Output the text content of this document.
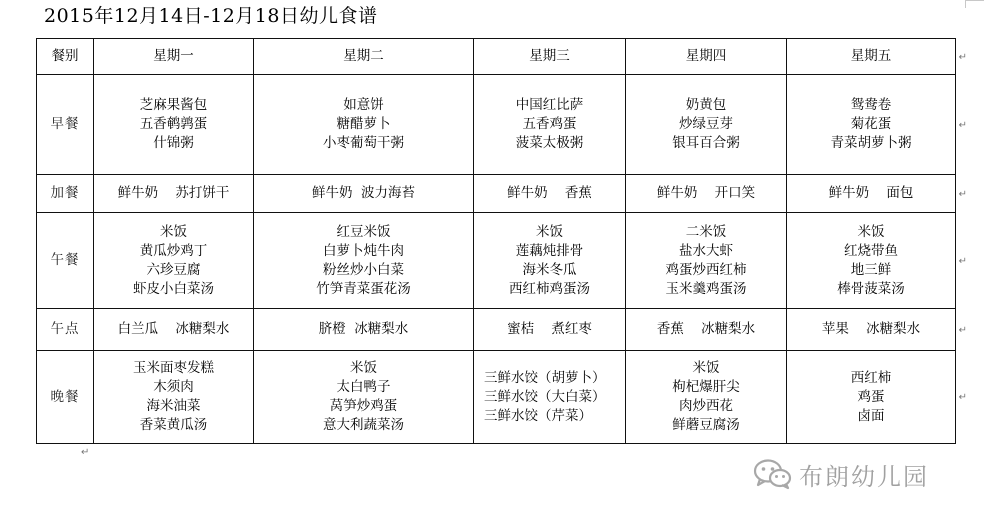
2015年12月14日-12月18日幼儿食谱
餐别	星期一	星期二	星期三	星期四	星期五 ↵

早餐	芝麻果酱包
五香鹌鹑蛋
什锦粥	如意饼
糖醋萝卜
小枣葡萄干粥	中国红比萨
五香鸡蛋
菠菜太极粥	奶黄包
炒绿豆芽
银耳百合粥	鸳鸯卷
菊花蛋
青菜胡萝卜粥
↵

加餐	鲜牛奶    苏打饼干	鲜牛奶  波力海苔	鲜牛奶    香蕉	鲜牛奶    开口笑	鲜牛奶    面包 ↵

午餐	米饭
黄瓜炒鸡丁
六珍豆腐
虾皮小白菜汤	红豆米饭
白萝卜炖牛肉
粉丝炒小白菜
竹笋青菜蛋花汤	米饭
莲藕炖排骨
海米冬瓜
西红柿鸡蛋汤	二米饭
盐水大虾
鸡蛋炒西红柿
玉米羹鸡蛋汤	米饭
红烧带鱼
地三鲜
棒骨菠菜汤
↵

午点	白兰瓜    冰糖梨水	脐橙  冰糖梨水	蜜桔    煮红枣	香蕉    冰糖梨水	苹果    冰糖梨水 ↵

晚餐	玉米面枣发糕
木须肉
海米油菜
香菜黄瓜汤	米饭
太白鸭子
莴笋炒鸡蛋
意大利蔬菜汤	三鲜水饺（胡萝卜）
三鲜水饺（大白菜）
三鲜水饺（芹菜）	米饭
枸杞爆肝尖
肉炒西花
鲜蘑豆腐汤	西红柿
鸡蛋
卤面
↵
↵
布朗幼儿园
